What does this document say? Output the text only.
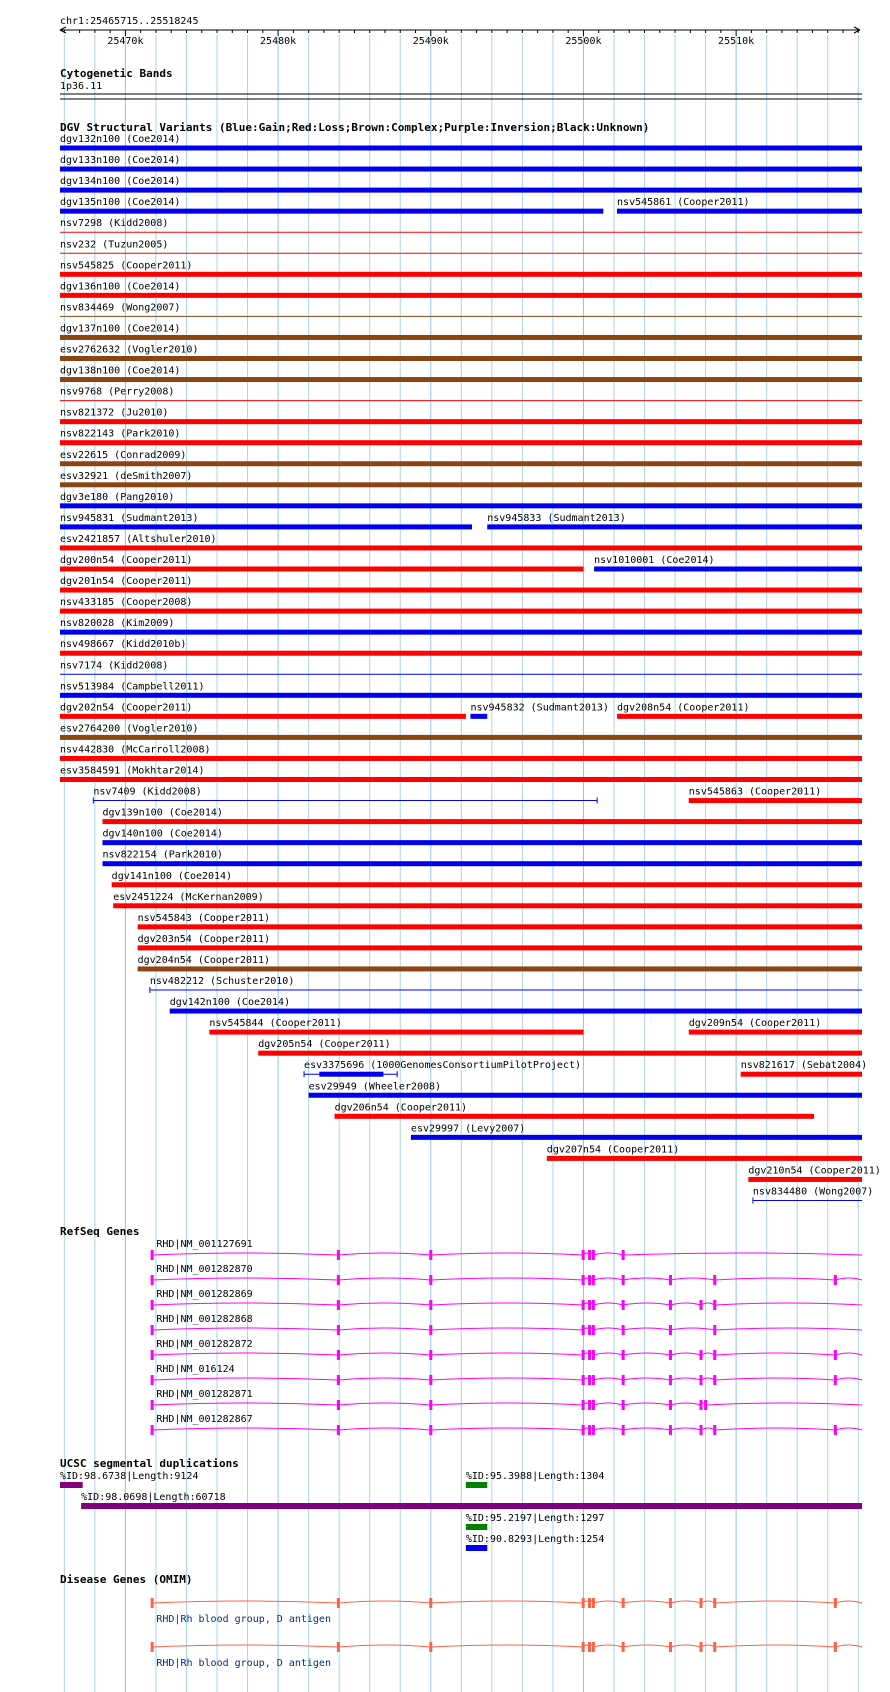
chr1:25465715..25518245
25470k	25480k	25490k	25500k	25510k
Cytogenetic Bands
1p36.11
DGV Structural Variants (Blue:Gain;Red:Loss;Brown:Complex;Purple:Inversion;Black:Unknown)
dgv132n100 (Coe2014)
dgv133n100 (Coe2014)
dgv134n100 (Coe2014)
dgv135n100 (Coe2014)	nsv545861 (Cooper2011)
nsv7298 (Kidd2008)
nsv232 (Tuzun2005)
nsv545825 (Cooper2011)
dgv136n100 (Coe2014)
nsv834469 (Wong2007)
dgv137n100 (Coe2014)
esv2762632 (Vogler2010)
dgv138n100 (Coe2014)
nsv9768 (Perry2008)
nsv821372 (Ju2010)
nsv822143 (Park2010)
esv22615 (Conrad2009)
esv32921 (deSmith2007)
dgv3e180 (Pang2010)
nsv945831 (Sudmant2013)	nsv945833 (Sudmant2013)
esv2421857 (Altshuler2010)
dgv200n54 (Cooper2011)	nsv1010001 (Coe2014)
dgv201n54 (Cooper2011)
nsv433185 (Cooper2008)
nsv820028 (Kim2009)
nsv498667 (Kidd2010b)
nsv7174 (Kidd2008)
nsv513984 (Campbell2011)
dgv202n54 (Cooper2011)	nsv945832 (Sudmant2013) dgv208n54 (Cooper2011)
esv2764200 (Vogler2010)
nsv442830 (McCarroll2008)
esv3584591 (Mokhtar2014)
nsv7409 (Kidd2008)	nsv545863 (Cooper2011)
dgv139n100 (Coe2014)
dgv140n100 (Coe2014)
nsv822154 (Park2010)
dgv141n100 (Coe2014)
esv2451224 (McKernan2009)
nsv545843 (Cooper2011)
dgv203n54 (Cooper2011)
dgv204n54 (Cooper2011)
nsv482212 (Schuster2010)
dgv142n100 (Coe2014)
nsv545844 (Cooper2011)	dgv209n54 (Cooper2011)
dgv205n54 (Cooper2011)
esv3375696 (1000GenomesConsortiumPilotProject)	nsv821617 (Sebat2004)
esv29949 (Wheeler2008)
dgv206n54 (Cooper2011)
esv29997 (Levy2007)
dgv207n54 (Cooper2011)
dgv210n54 (Cooper2011)
nsv834480 (Wong2007)
RefSeq Genes
RHD|NM_001127691
RHD|NM_001282870
RHD|NM_001282869
RHD|NM_001282868
RHD|NM_001282872
RHD|NM_016124
RHD|NM_001282871
RHD|NM_001282867
UCSC segmental duplications
%ID:98.6738|Length:9124	%ID:95.3988|Length:1304
%ID:98.0698|Length:60718
%ID:95.2197|Length:1297
%ID:90.8293|Length:1254
Disease Genes (OMIM)
RHD|Rh blood group, D antigen
RHD|Rh blood group, D antigen
